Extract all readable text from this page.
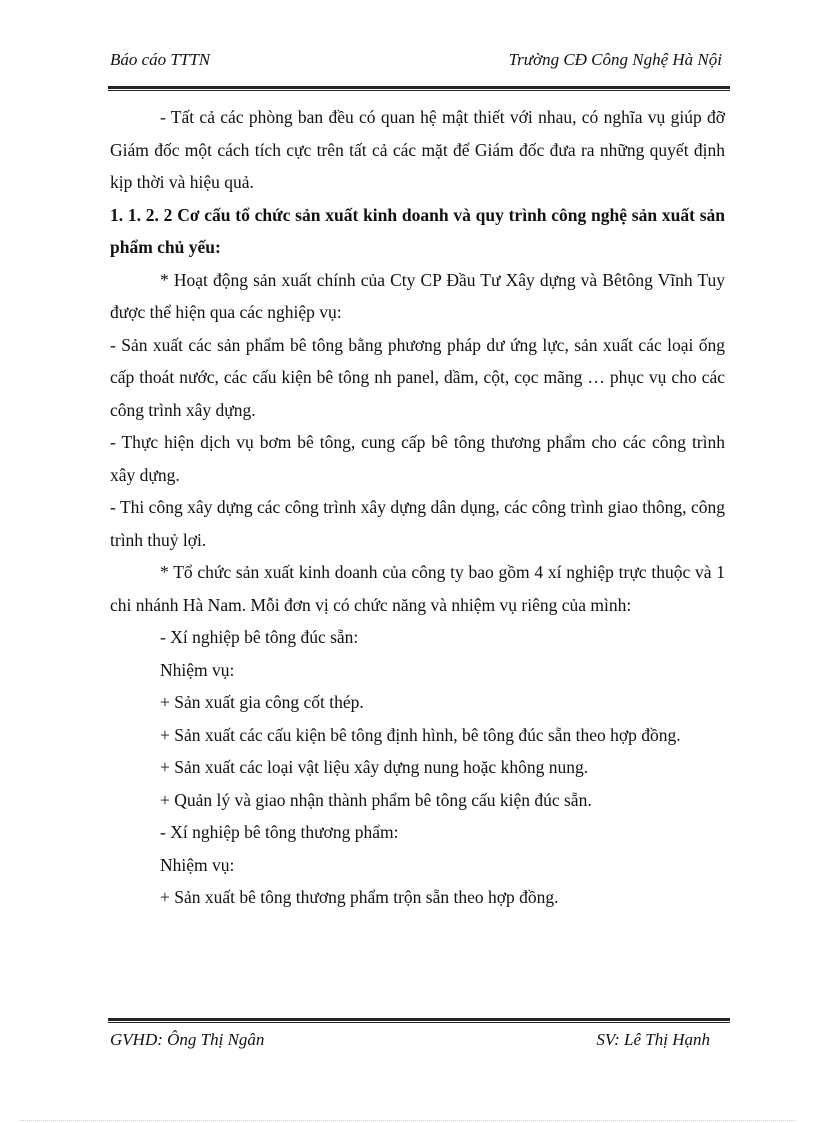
Báo cáo TTTN	Trường CĐ Công Nghệ Hà Nội

- Tất cả các phòng ban đều có quan hệ mật thiết với nhau, có nghĩa vụ giúp đỡ Giám đốc một cách tích cực trên tất cả các mặt để Giám đốc đưa ra những quyết định kịp thời và hiệu quả.

1. 1. 2. 2 Cơ cấu tổ chức sản xuất kinh doanh và quy trình công nghệ sản xuất sản phẩm chủ yếu:

* Hoạt động sản xuất chính của Cty CP Đầu Tư Xây dựng và Bêtông Vĩnh Tuy được thể hiện qua các nghiệp vụ:

- Sản xuất các sản phẩm bê tông bằng phương pháp dư ứng lực, sản xuất các loại ống cấp thoát nước, các cấu kiện bê tông nh panel, dầm, cột, cọc mãng … phục vụ cho các công trình xây dựng.

- Thực hiện dịch vụ bơm bê tông, cung cấp bê tông thương phẩm cho các công trình xây dựng.

- Thi công xây dựng các công trình xây dựng dân dụng, các công trình giao thông, công trình thuỷ lợi.

* Tổ chức sản xuất kinh doanh của công ty bao gồm 4 xí nghiệp trực thuộc và 1 chi nhánh Hà Nam. Mỗi đơn vị có chức năng và nhiệm vụ riêng của mình:

- Xí nghiệp bê tông đúc sẵn:

Nhiệm vụ:

+ Sản xuất gia công cốt thép.

+ Sản xuất các cấu kiện bê tông định hình, bê tông đúc sẵn theo hợp đồng.

+ Sản xuất các loại vật liệu xây dựng nung hoặc không nung.

+ Quản lý và giao nhận thành phẩm bê tông cấu kiện đúc sẵn.

- Xí nghiệp bê tông thương phẩm:

Nhiệm vụ:

+ Sản xuất bê tông thương phẩm trộn sẵn theo hợp đồng.

GVHD: Ông Thị Ngân	SV: Lê Thị Hạnh
